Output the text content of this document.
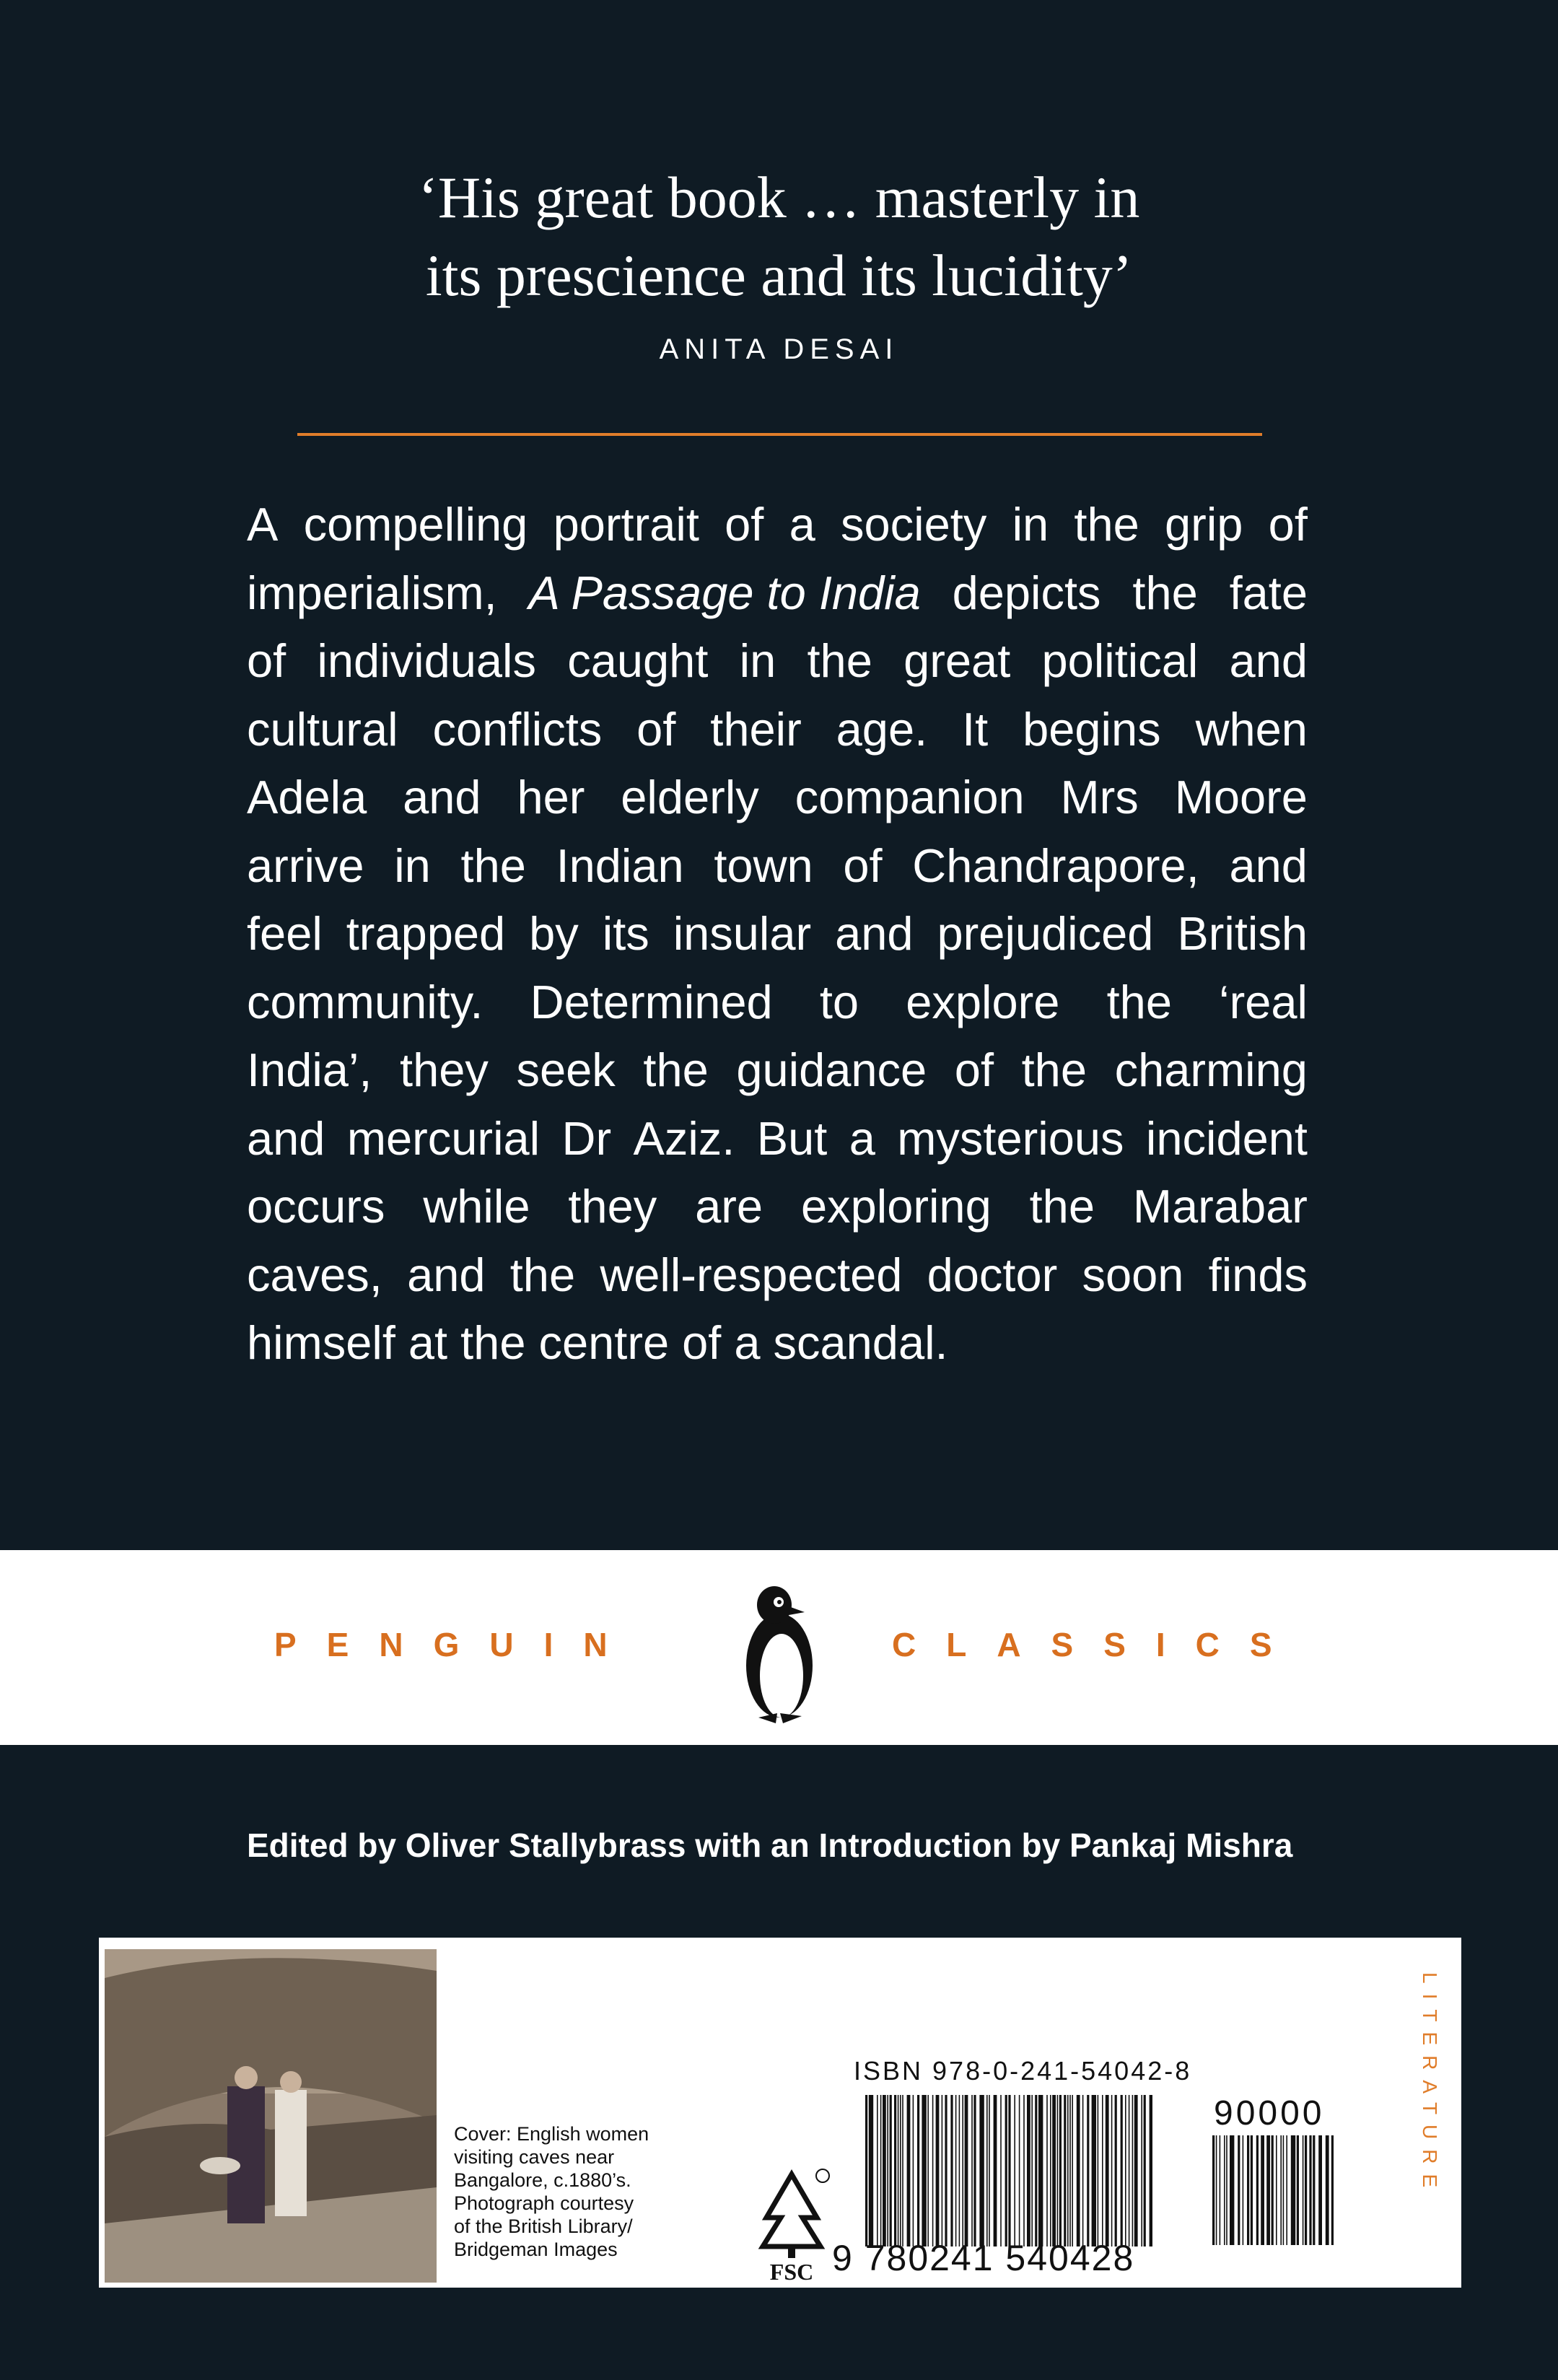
‘His great book … masterly in
its prescience and its lucidity’
ANITA DESAI
A compelling portrait of a society in the grip of
imperialism, A Passage to India depicts the fate
of individuals caught in the great political and
cultural conflicts of their age. It begins when
Adela and her elderly companion Mrs Moore
arrive in the Indian town of Chandrapore, and
feel trapped by its insular and prejudiced British
community. Determined to explore the ‘real
India’, they seek the guidance of the charming
and mercurial Dr Aziz. But a mysterious incident
occurs while they are exploring the Marabar
caves, and the well-respected doctor soon finds
himself at the centre of a scandal.
PENGUIN	CLASSICS
Edited by Oliver Stallybrass with an Introduction by Pankaj Mishra
Cover: English women
visiting caves near
Bangalore, c.1880’s.
Photograph courtesy
of the British Library/
Bridgeman Images
FSC
ISBN 978-0-241-54042-8
9 780241 540428
90000	LITERATURE
